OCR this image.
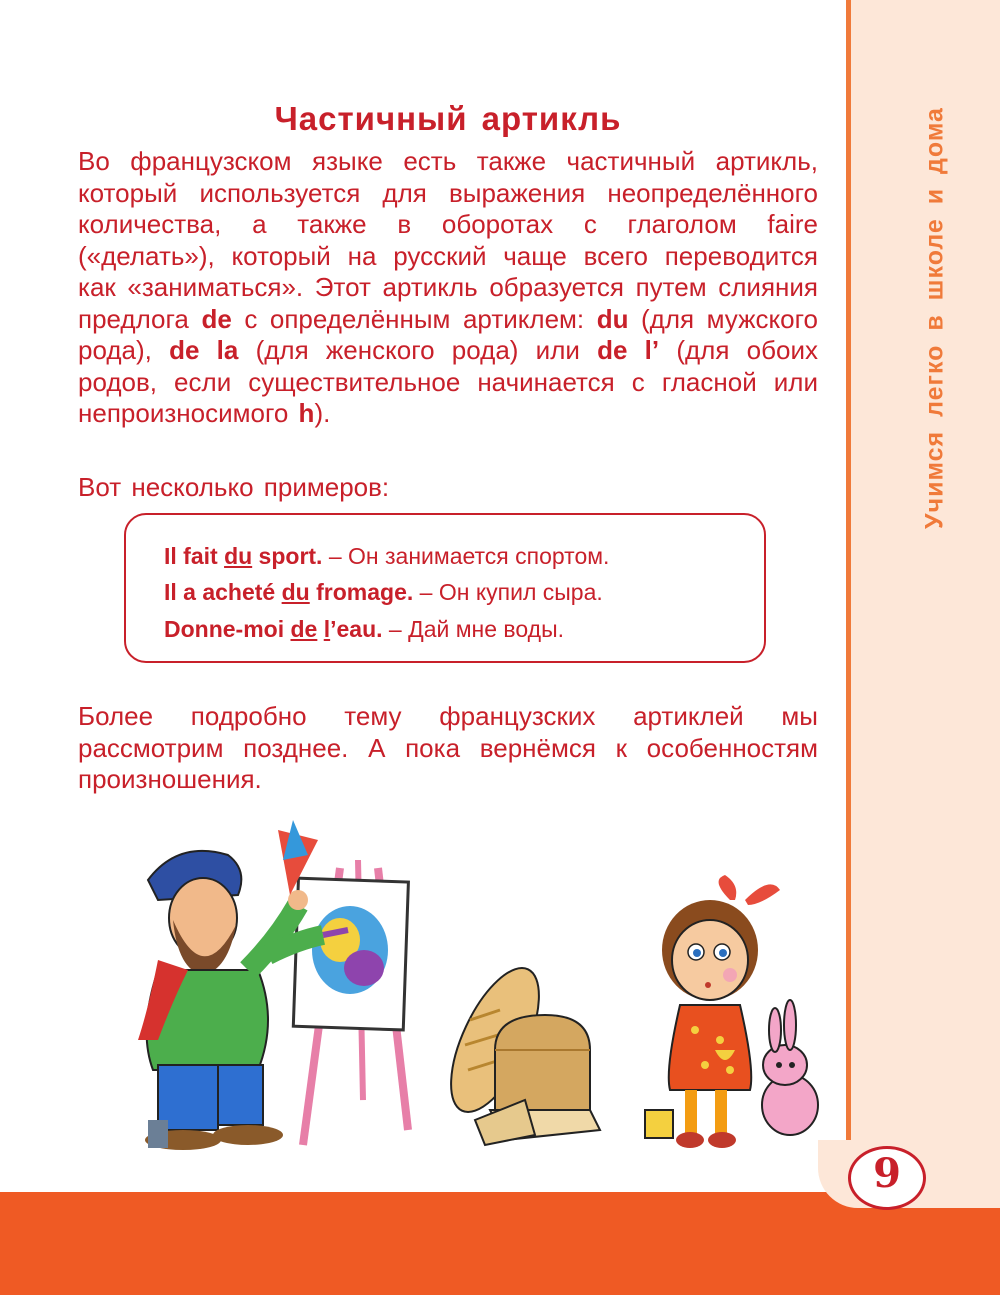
Учимся легко в школе и дома
Частичный артикль
Во французском языке есть также частичный артикль, который используется для выражения неопределённого количества, а также в оборотах с глаголом faire («делать»), который на русский чаще всего переводится как «заниматься». Этот артикль образуется путем слияния предлога de с определённым артиклем: du (для мужского рода), de la (для женского рода) или de l’ (для обоих родов, если существительное начинается с гласной или непроизносимого h).
Вот несколько примеров:
Il fait du sport. – Он занимается спортом.
Il a acheté du fromage. – Он купил сыра.
Donne-moi de l’eau. – Дай мне воды.
Более подробно тему французских артиклей мы рассмотрим позднее. А пока вернёмся к особенностям произношения.
9
